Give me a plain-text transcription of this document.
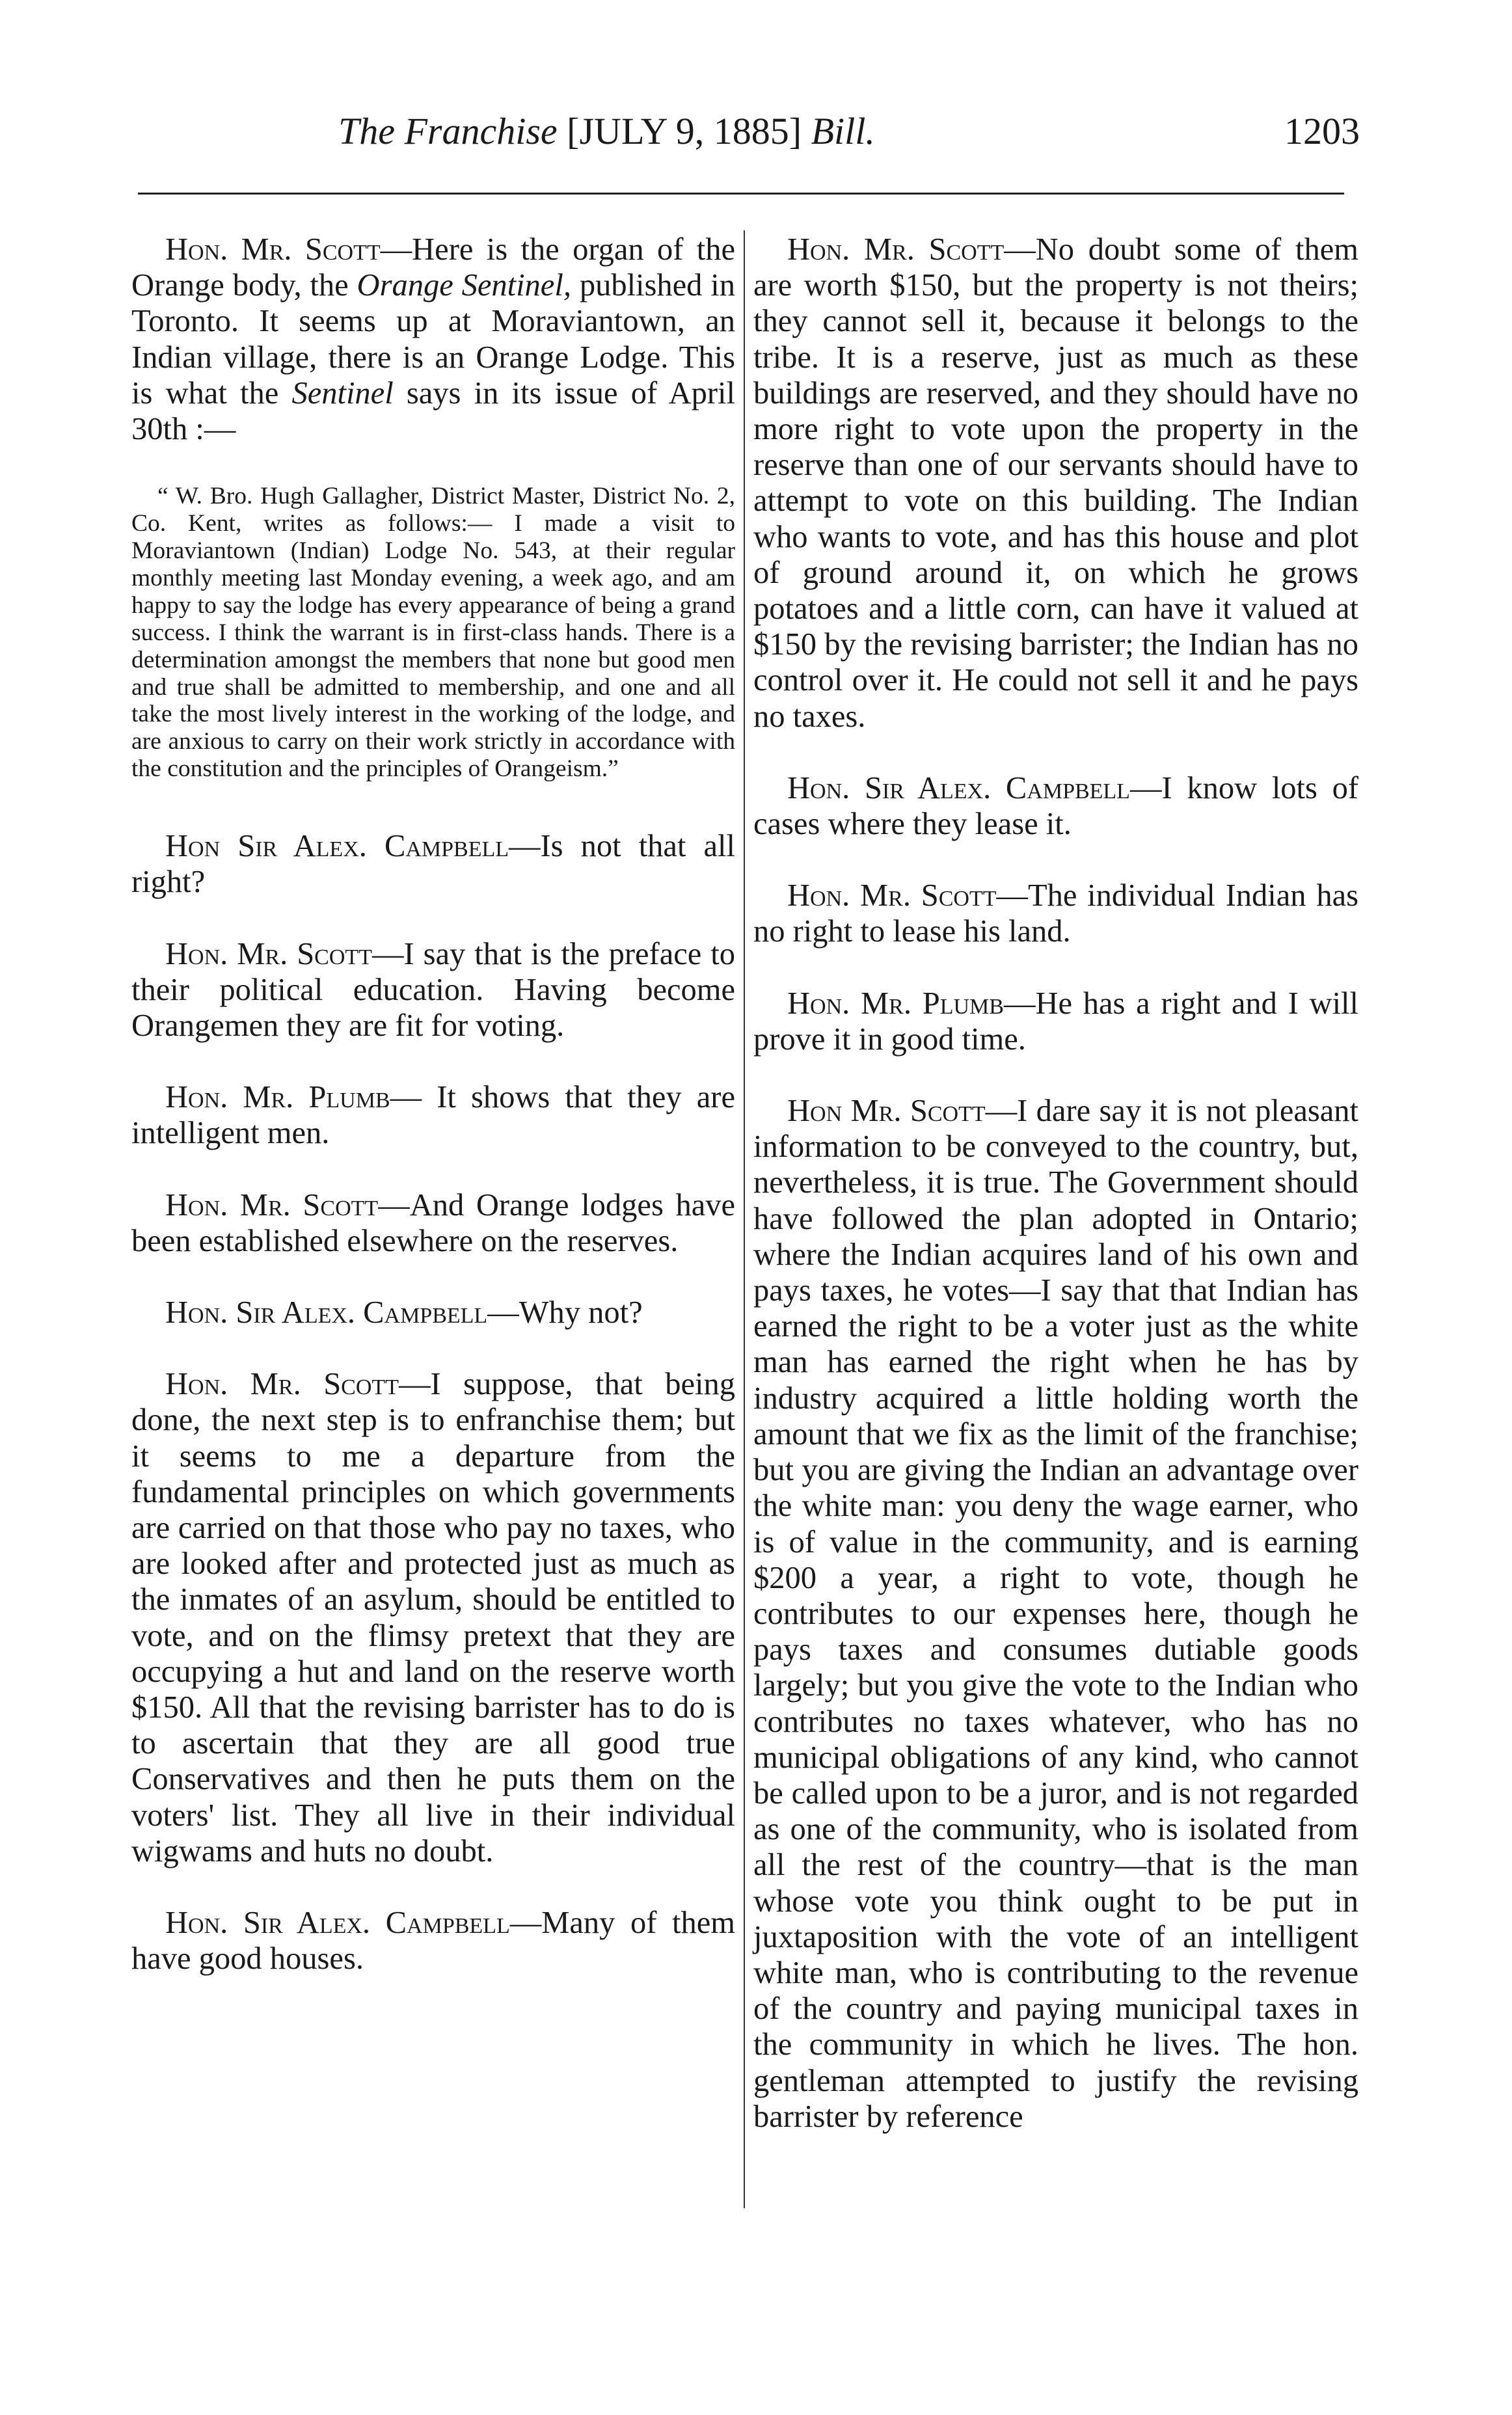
The Franchise [JULY 9, 1885] Bill.	1203

Hon. Mr. Scott—Here is the organ of the Orange body, the Orange Sentinel, published in Toronto. It seems up at Moraviantown, an Indian village, there is an Orange Lodge. This is what the Sentinel says in its issue of April 30th :—

“ W. Bro. Hugh Gallagher, District Master, District No. 2, Co. Kent, writes as follows:— I made a visit to Moraviantown (Indian) Lodge No. 543, at their regular monthly meeting last Monday evening, a week ago, and am happy to say the lodge has every appearance of being a grand success. I think the warrant is in first-class hands. There is a determination amongst the members that none but good men and true shall be admitted to membership, and one and all take the most lively interest in the working of the lodge, and are anxious to carry on their work strictly in accordance with the constitution and the principles of Orangeism.”

Hon Sir Alex. Campbell—Is not that all right?

Hon. Mr. Scott—I say that is the preface to their political education. Having become Orangemen they are fit for voting.

Hon. Mr. Plumb— It shows that they are intelligent men.

Hon. Mr. Scott—And Orange lodges have been established elsewhere on the reserves.

Hon. Sir Alex. Campbell—Why not?

Hon. Mr. Scott—I suppose, that being done, the next step is to enfranchise them; but it seems to me a departure from the fundamental principles on which governments are carried on that those who pay no taxes, who are looked after and protected just as much as the inmates of an asylum, should be entitled to vote, and on the flimsy pretext that they are occupying a hut and land on the reserve worth $150. All that the revising barrister has to do is to ascertain that they are all good true Conservatives and then he puts them on the voters' list. They all live in their individual wigwams and huts no doubt.

Hon. Sir Alex. Campbell—Many of them have good houses.

Hon. Mr. Scott—No doubt some of them are worth $150, but the property is not theirs; they cannot sell it, because it belongs to the tribe. It is a reserve, just as much as these buildings are reserved, and they should have no more right to vote upon the property in the reserve than one of our servants should have to attempt to vote on this building. The Indian who wants to vote, and has this house and plot of ground around it, on which he grows potatoes and a little corn, can have it valued at $150 by the revising barrister; the Indian has no control over it. He could not sell it and he pays no taxes.

Hon. Sir Alex. Campbell—I know lots of cases where they lease it.

Hon. Mr. Scott—The individual Indian has no right to lease his land.

Hon. Mr. Plumb—He has a right and I will prove it in good time.

Hon Mr. Scott—I dare say it is not pleasant information to be conveyed to the country, but, nevertheless, it is true. The Government should have followed the plan adopted in Ontario; where the Indian acquires land of his own and pays taxes, he votes—I say that that Indian has earned the right to be a voter just as the white man has earned the right when he has by industry acquired a little holding worth the amount that we fix as the limit of the franchise; but you are giving the Indian an advantage over the white man: you deny the wage earner, who is of value in the community, and is earning $200 a year, a right to vote, though he contributes to our expenses here, though he pays taxes and consumes dutiable goods largely; but you give the vote to the Indian who contributes no taxes whatever, who has no municipal obligations of any kind, who cannot be called upon to be a juror, and is not regarded as one of the community, who is isolated from all the rest of the country—that is the man whose vote you think ought to be put in juxtaposition with the vote of an intelligent white man, who is contributing to the revenue of the country and paying municipal taxes in the community in which he lives. The hon. gentleman attempted to justify the revising barrister by reference
